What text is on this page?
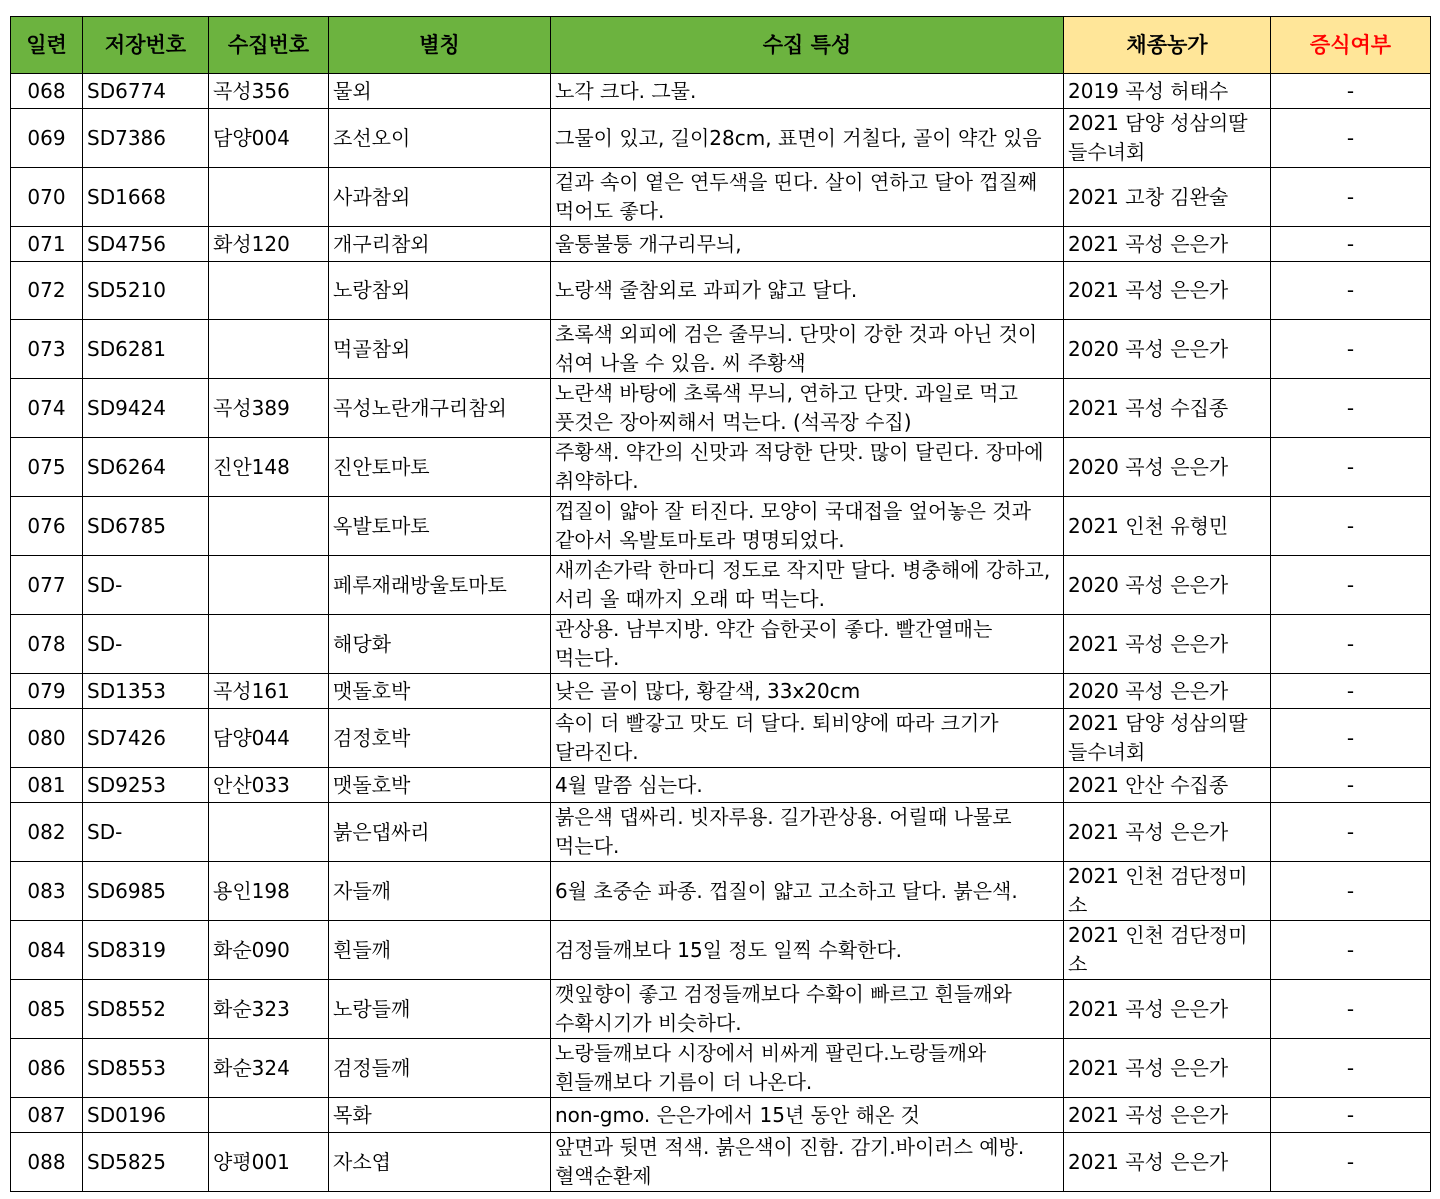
일련	저장번호	수집번호	별칭	수집 특성	채종농가	증식여부
068	SD6774	곡성356	물외	노각 크다. 그물.	2019 곡성 허태수	-
069	SD7386	담양004	조선오이	그물이 있고, 길이28cm, 표면이 거칠다, 골이 약간 있음	2021 담양 성삼의딸들수녀회	-
070	SD1668		사과참외	겉과 속이 옅은 연두색을 띤다. 살이 연하고 달아 껍질째 먹어도 좋다.	2021 고창 김완술	-
071	SD4756	화성120	개구리참외	울퉁불퉁 개구리무늬,	2021 곡성 은은가	-
072	SD5210		노랑참외	노랑색 줄참외로 과피가 얇고 달다.	2021 곡성 은은가	-
073	SD6281		먹골참외	초록색 외피에 검은 줄무늬. 단맛이 강한 것과 아닌 것이 섞여 나올 수 있음. 씨 주황색	2020 곡성 은은가	-
074	SD9424	곡성389	곡성노란개구리참외	노란색 바탕에 초록색 무늬, 연하고 단맛. 과일로 먹고 풋것은 장아찌해서 먹는다. (석곡장 수집)	2021 곡성 수집종	-
075	SD6264	진안148	진안토마토	주황색. 약간의 신맛과 적당한 단맛. 많이 달린다. 장마에 취약하다.	2020 곡성 은은가	-
076	SD6785		옥발토마토	껍질이 얇아 잘 터진다. 모양이 국대접을 엎어놓은 것과 같아서 옥발토마토라 명명되었다.	2021 인천 유형민	-
077	SD-		페루재래방울토마토	새끼손가락 한마디 정도로 작지만 달다. 병충해에 강하고, 서리 올 때까지 오래 따 먹는다.	2020 곡성 은은가	-
078	SD-		해당화	관상용. 남부지방. 약간 습한곳이 좋다. 빨간열매는 먹는다.	2021 곡성 은은가	-
079	SD1353	곡성161	맷돌호박	낮은 골이 많다, 황갈색, 33x20cm	2020 곡성 은은가	-
080	SD7426	담양044	검정호박	속이 더 빨갛고 맛도 더 달다. 퇴비양에 따라 크기가 달라진다.	2021 담양 성삼의딸들수녀회	-
081	SD9253	안산033	맷돌호박	4월 말쯤 심는다.	2021 안산 수집종	-
082	SD-		붉은댑싸리	붉은색 댑싸리. 빗자루용. 길가관상용. 어릴때 나물로 먹는다.	2021 곡성 은은가	-
083	SD6985	용인198	자들깨	6월 초중순 파종. 껍질이 얇고 고소하고 달다. 붉은색.	2021 인천 검단정미소	-
084	SD8319	화순090	흰들깨	검정들깨보다 15일 정도 일찍 수확한다.	2021 인천 검단정미소	-
085	SD8552	화순323	노랑들깨	깻잎향이 좋고 검정들깨보다 수확이 빠르고 흰들깨와 수확시기가 비슷하다.	2021 곡성 은은가	-
086	SD8553	화순324	검정들깨	노랑들깨보다 시장에서 비싸게 팔린다.노랑들깨와 흰들깨보다 기름이 더 나온다.	2021 곡성 은은가	-
087	SD0196		목화	non-gmo. 은은가에서 15년 동안 해온 것	2021 곡성 은은가	-
088	SD5825	양평001	자소엽	앞면과 뒷면 적색. 붉은색이 진함. 감기.바이러스 예방.혈액순환제	2021 곡성 은은가	-
